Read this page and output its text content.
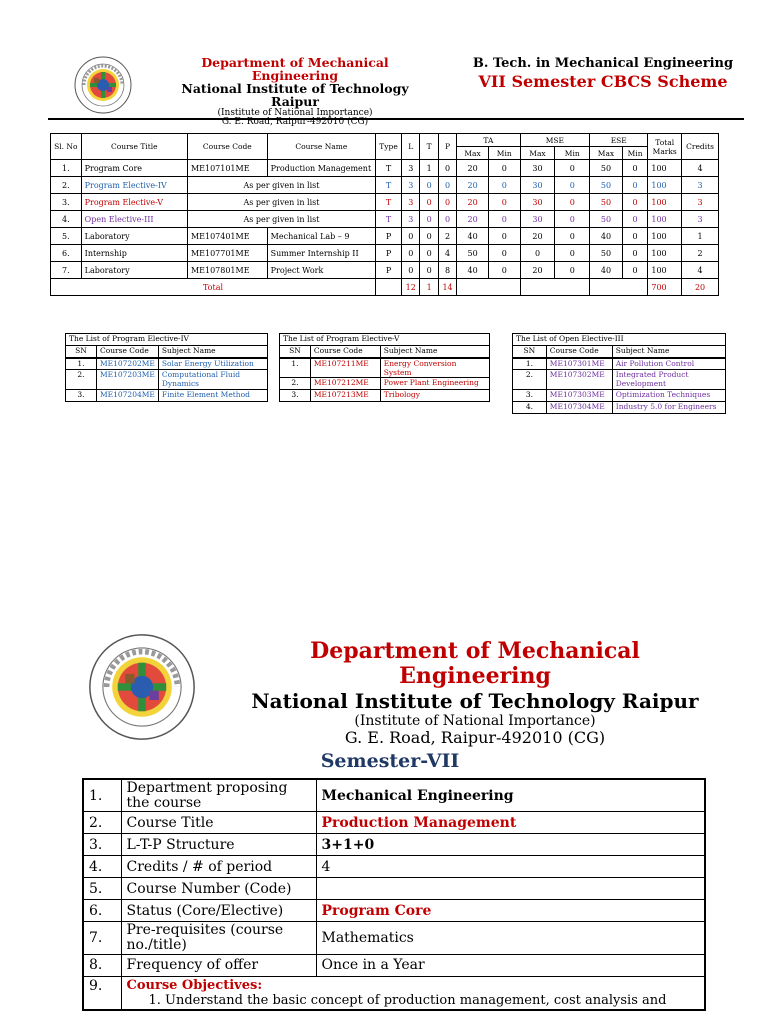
Department of Mechanical Engineering
National Institute of Technology Raipur
(Institute of National Importance)
G. E. Road, Raipur-492010 (CG)
B. Tech. in Mechanical Engineering
VII Semester CBCS Scheme
Sl. No	Course Title	Course Code	Course Name	Type	L	T	P	TA		MSE		ESE		Total Marks	Credits
								Max	Min	Max	Min	Max	Min		
1.	Program Core	ME107101ME	Production Management	T	3	1	0	20	0	30	0	50	0	100	4
2.	Program Elective-IV	As per given in list		T	3	0	0	20	0	30	0	50	0	100	3
3.	Program Elective-V	As per given in list		T	3	0	0	20	0	30	0	50	0	100	3
4.	Open Elective-III	As per given in list		T	3	0	0	20	0	30	0	50	0	100	3
5.	Laboratory	ME107401ME	Mechanical Lab – 9	P	0	0	2	40	0	20	0	40	0	100	1
6.	Internship	ME107701ME	Summer Internship II	P	0	0	4	50	0	0	0	50	0	100	2
7.	Laboratory	ME107801ME	Project Work	P	0	0	8	40	0	20	0	40	0	100	4
Total					12	1	14							700	20
The List of Program Elective-IV		
SN	Course Code	Subject Name
1.	ME107202ME	Solar Energy Utilization
2.	ME107203ME	Computational Fluid Dynamics
3.	ME107204ME	Finite Element Method
The List of Program Elective-V		
SN	Course Code	Subject Name
1.	ME107211ME	Energy Conversion System
2.	ME107212ME	Power Plant Engineering
3.	ME107213ME	Tribology
The List of Open Elective-III		
SN	Course Code	Subject Name
1.	ME107301ME	Air Pollution Control
2.	ME107302ME	Integrated Product Development
3.	ME107303ME	Optimization Techniques
4.	ME107304ME	Industry 5.0 for Engineers
Department of Mechanical Engineering
National Institute of Technology Raipur
(Institute of National Importance)
G. E. Road, Raipur-492010 (CG)
Semester-VII
1.	Department proposing the course	Mechanical Engineering
2.	Course Title	Production Management
3.	L-T-P Structure	3+1+0
4.	Credits / # of period	4
5.	Course Number (Code)	
6.	Status (Core/Elective)	Program Core
7.	Pre-requisites (course no./title)	Mathematics
8.	Frequency of offer	Once in a Year
9.	Course Objectives:
1. Understand the basic concept of production management, cost analysis and	
